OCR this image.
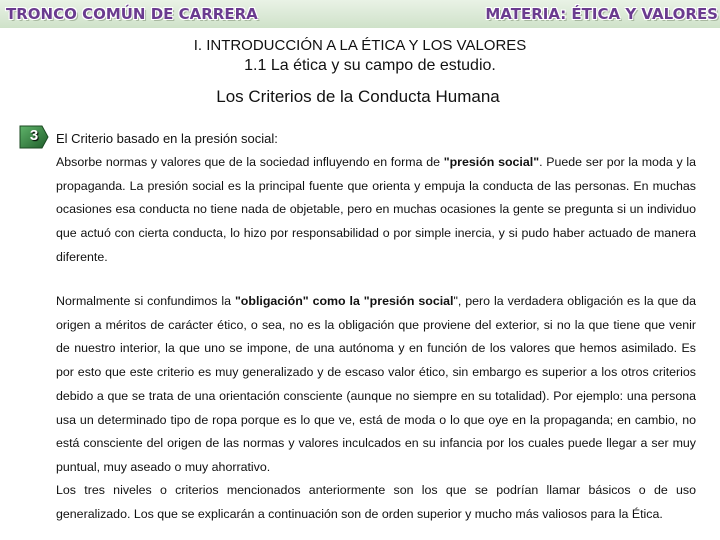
TRONCO COMÚN DE CARRERA	MATERIA: ÉTICA Y VALORES
I. INTRODUCCIÓN A LA ÉTICA Y LOS VALORES
1.1 La ética y su campo de estudio.
Los Criterios de la Conducta Humana
3	El Criterio basado en la presión social:

Absorbe normas y valores que de la sociedad influyendo en forma de "presión social". Puede ser por la moda y la propaganda. La presión social es la principal fuente que orienta y empuja la conducta de las personas. En muchas ocasiones esa conducta no tiene nada de objetable, pero en muchas ocasiones la gente se pregunta si un individuo que actuó con cierta conducta, lo hizo por responsabilidad o por simple inercia, y si pudo haber actuado de manera diferente.

Normalmente si confundimos la "obligación" como la "presión social", pero la verdadera obligación es la que da origen a méritos de carácter ético, o sea, no es la obligación que proviene del exterior, si no la que tiene que venir de nuestro interior, la que uno se impone, de una autónoma y en función de los valores que hemos asimilado. Es por esto que este criterio es muy generalizado y de escaso valor ético, sin embargo es superior a los otros criterios debido a que se trata de una orientación consciente (aunque no siempre en su totalidad). Por ejemplo: una persona usa un determinado tipo de ropa porque es lo que ve, está de moda o lo que oye en la propaganda; en cambio, no está consciente del origen de las normas y valores inculcados en su infancia por los cuales puede llegar a ser muy puntual, muy aseado o muy ahorrativo.

Los tres niveles o criterios mencionados anteriormente son los que se podrían llamar básicos o de uso generalizado. Los que se explicarán a continuación son de orden superior y mucho más valiosos para la Ética.
